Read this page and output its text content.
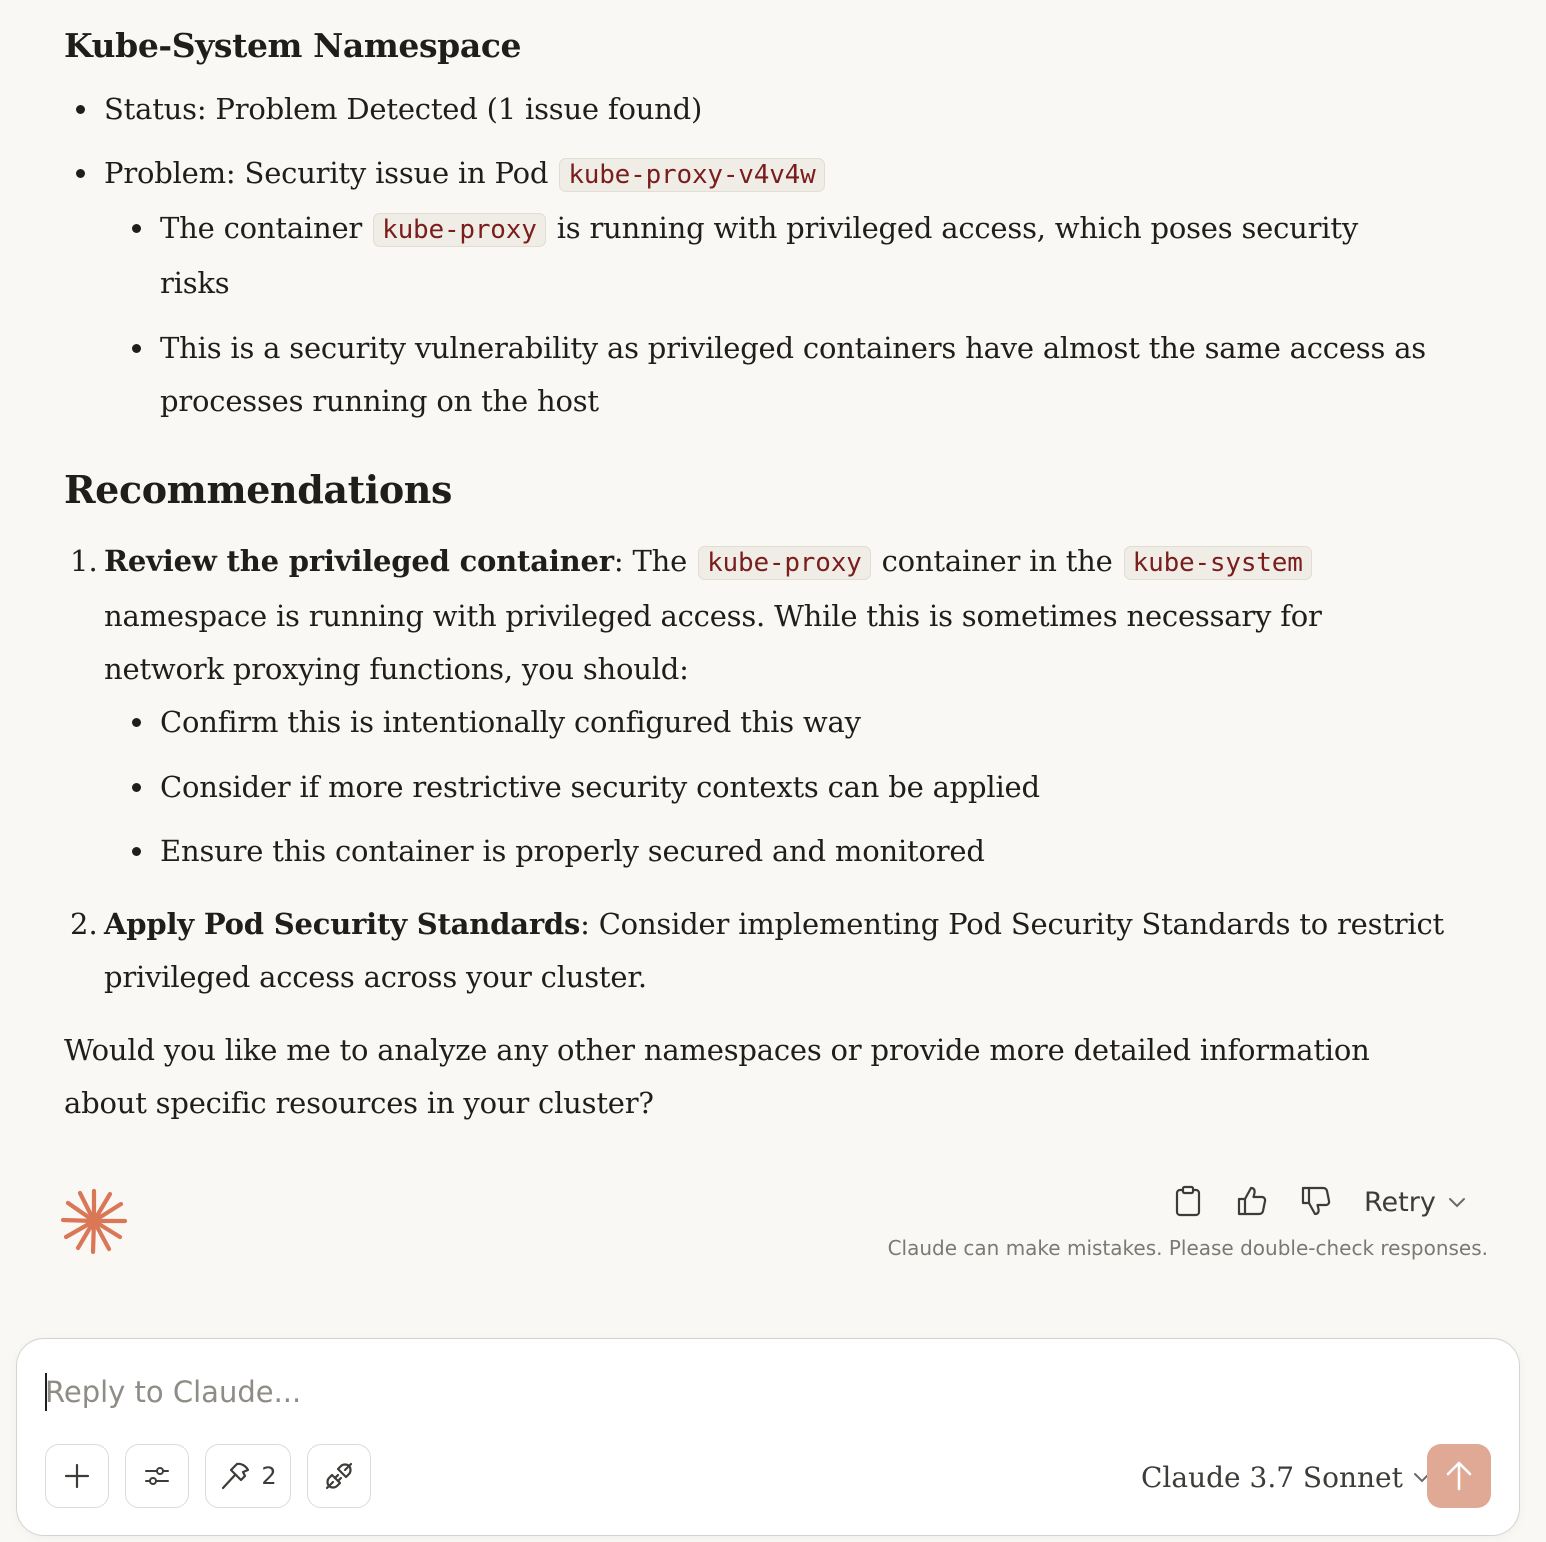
Kube-System Namespace
Status: Problem Detected (1 issue found)
Problem: Security issue in Pod kube-proxy-v4v4w
The container kube-proxy is running with privileged access, which poses security
risks
This is a security vulnerability as privileged containers have almost the same access as
processes running on the host
Recommendations
1. Review the privileged container: The kube-proxy container in the kube-system
namespace is running with privileged access. While this is sometimes necessary for
network proxying functions, you should:
Confirm this is intentionally configured this way
Consider if more restrictive security contexts can be applied
Ensure this container is properly secured and monitored
2. Apply Pod Security Standards: Consider implementing Pod Security Standards to restrict
privileged access across your cluster.
Would you like me to analyze any other namespaces or provide more detailed information
about specific resources in your cluster?
Retry
Claude can make mistakes. Please double-check responses.
Reply to Claude...
2	Claude 3.7 Sonnet
